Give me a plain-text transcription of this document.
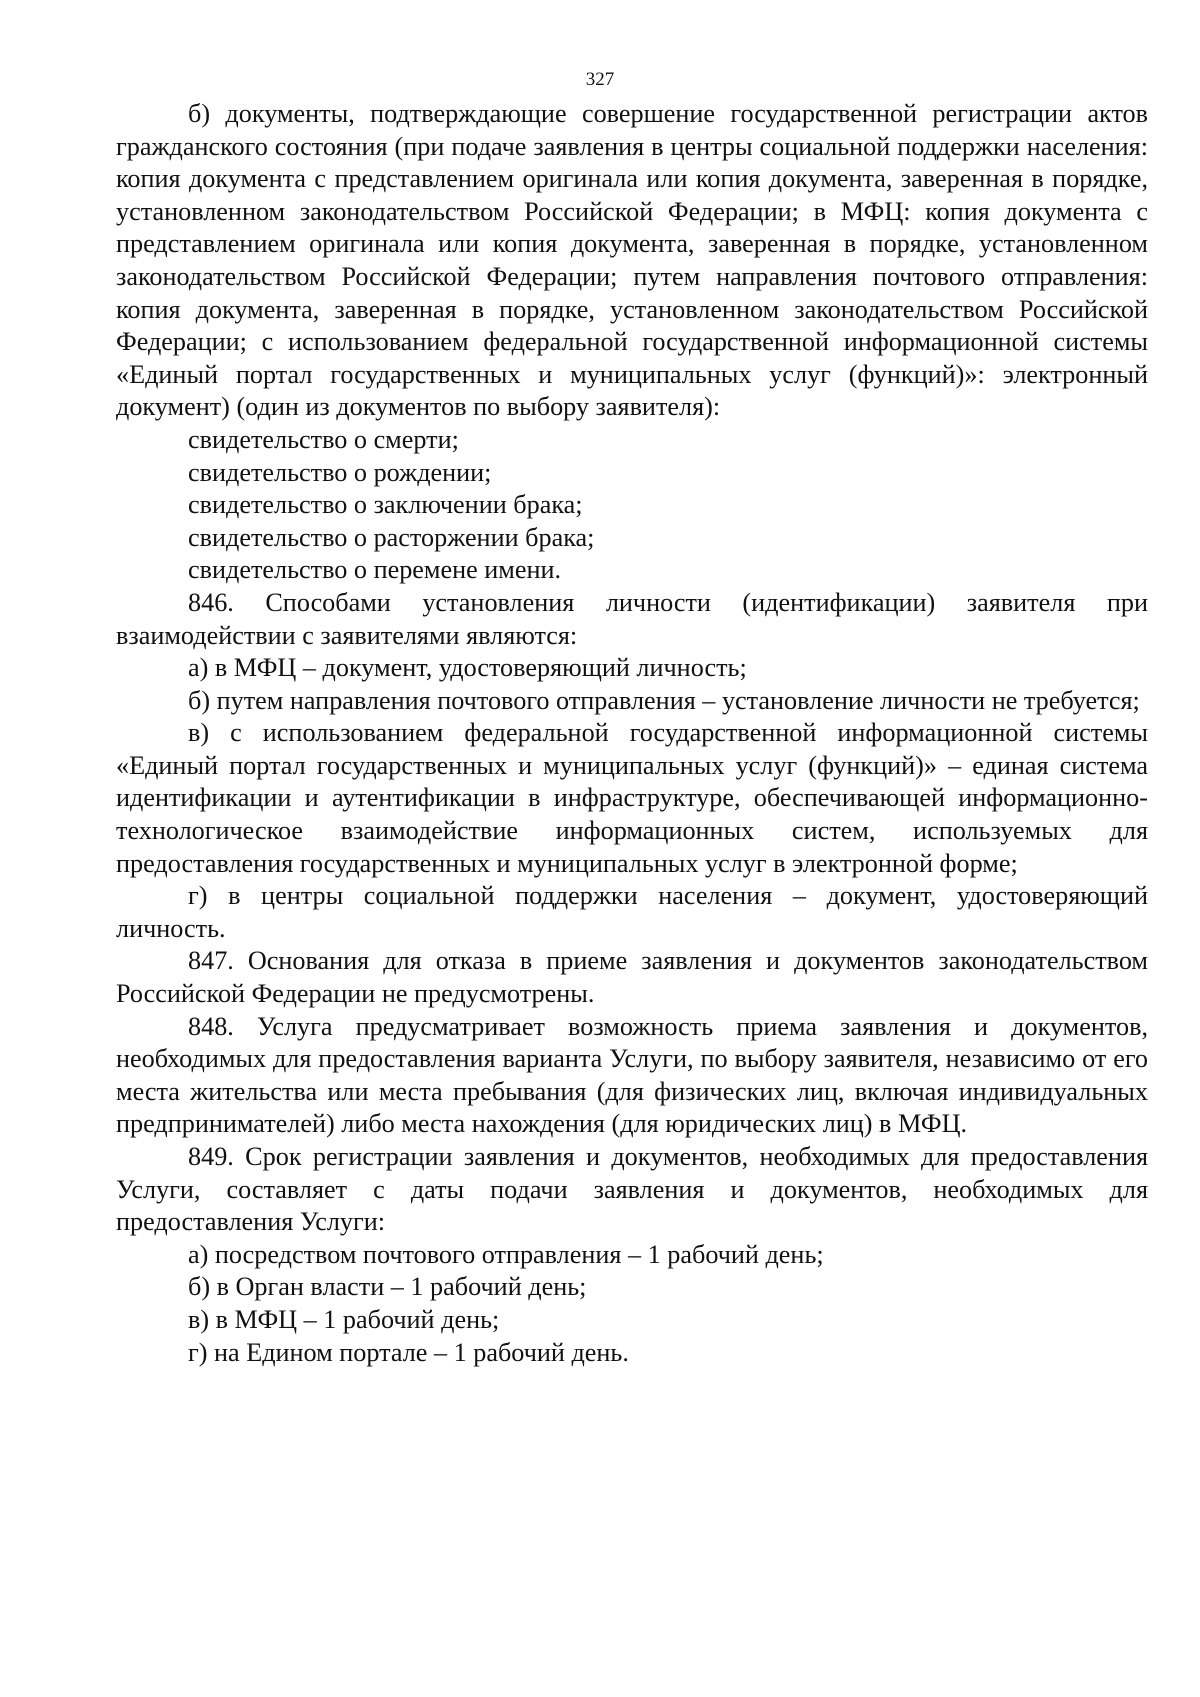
327

б) документы, подтверждающие совершение государственной регистрации актов гражданского состояния (при подаче заявления в центры социальной поддержки населения: копия документа с представлением оригинала или копия документа, заверенная в порядке, установленном законодательством Российской Федерации; в МФЦ: копия документа с представлением оригинала или копия документа, заверенная в порядке, установленном законодательством Российской Федерации; путем направления почтового отправления: копия документа, заверенная в порядке, установленном законодательством Российской Федерации; с использованием федеральной государственной информационной системы «Единый портал государственных и муниципальных услуг (функций)»: электронный документ) (один из документов по выбору заявителя):

свидетельство о смерти;

свидетельство о рождении;

свидетельство о заключении брака;

свидетельство о расторжении брака;

свидетельство о перемене имени.

846. Способами установления личности (идентификации) заявителя при взаимодействии с заявителями являются:

а) в МФЦ – документ, удостоверяющий личность;

б) путем направления почтового отправления – установление личности не требуется;

в) с использованием федеральной государственной информационной системы «Единый портал государственных и муниципальных услуг (функций)» – единая система идентификации и аутентификации в инфраструктуре, обеспечивающей информационно-технологическое взаимодействие информационных систем, используемых для предоставления государственных и муниципальных услуг в электронной форме;

г) в центры социальной поддержки населения – документ, удостоверяющий личность.

847. Основания для отказа в приеме заявления и документов законодательством Российской Федерации не предусмотрены.

848. Услуга предусматривает возможность приема заявления и документов, необходимых для предоставления варианта Услуги, по выбору заявителя, независимо от его места жительства или места пребывания (для физических лиц, включая индивидуальных предпринимателей) либо места нахождения (для юридических лиц) в МФЦ.

849. Срок регистрации заявления и документов, необходимых для предоставления Услуги, составляет с даты подачи заявления и документов, необходимых для предоставления Услуги:

а) посредством почтового отправления – 1 рабочий день;

б) в Орган власти – 1 рабочий день;

в) в МФЦ – 1 рабочий день;

г) на Едином портале – 1 рабочий день.
